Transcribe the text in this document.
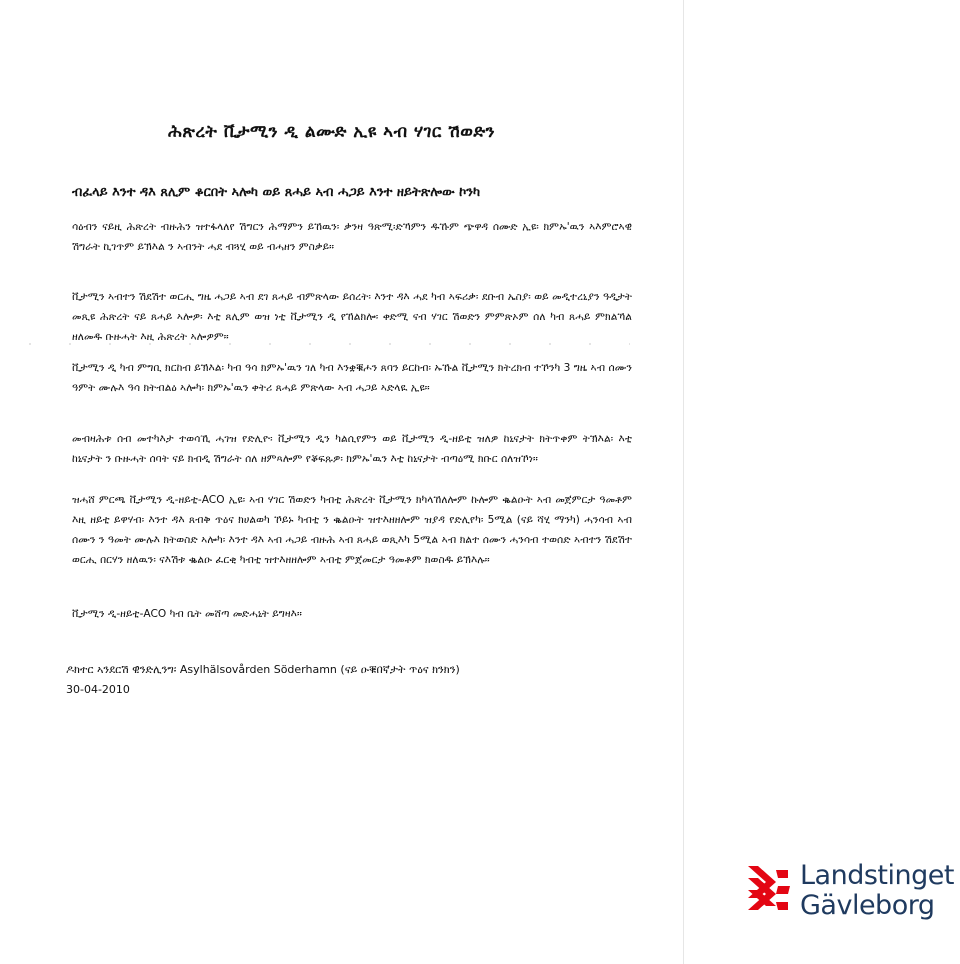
ሕጽረት ቪታሚን ዲ ልሙድ ኢዩ ኣብ ሃገር ሽወድን
ብፈላይ እንተ ዳእ ጸሊም ቆርበት ኣሎካ ወይ ጸሓይ ኣብ ሓጋይ እንተ ዘይትጽሎው ኮንካ
ሳዕብን ናይዚ ሕጽረት ብዙሕን ዝተፋላለየ ሽግርን ሕማምን ይኸዉን፡ ቃንዛ ዓጽሚ፡ድኻምን ዱኹም ጭዋዳ ሰሙድ ኢዩ፡ ክምኡ'ዉን ኣእምሮኣዊ ሽግራት ኪገጥም ይኽእል ን ኣብንት ሓደ ብጓሂ ወይ ብሓዘን ምስቃይ።
ቪታሚን ኣብተን ሽደሽተ ወርሒ ግዜ ሓጋይ ኣብ ደገ ጸሓይ ብምጽላው ይሰረት፡ እንተ ዳእ ሓደ ካብ ኣፍሪቃ፡ ደቡብ ኤስያ፡ ወይ መዲተረኒያን ዓዲታት መጺዩ ሕጽረት ናይ ጸሓይ ኣሎዎ፡ እቲ ጸሊም ወዝ ነቲ ቪታሚን ዲ የኸልክሎ፡ ቀድሚ ናብ ሃገር ሽወድን ምምጽኦም ሰለ ካብ ጸሓይ ምክልኻል ዘለመዱ ቡዙሓት እዚ ሕጽረት ኣሎዎም።
ቪታሚን ዲ ካብ ምግቢ ክርከብ ይኽእል፡ ካብ ዓሳ ክምኡ'ዉን ገለ ካብ እንቋቑሖን ጸባን ይርከብ፡ ኡኹል ቪታሚን ክትረክብ ተኾንካ 3 ግዜ ኣብ ሰሙን ዓምት ሙሉእ ዓሳ ክትብልዕ ኣሎካ፡ ክምኡ'ዉን ቀትሪ ጸሓይ ምጽላው ኣብ ሓጋይ ኣድላዪ ኢዩ።
መብዛሕቱ ሰብ መተካእታ ተወሳኺ ሓገዝ የድሊዮ፡ ቪታሚን ዲን ካልሲየምን ወይ ቪታሚን ዲ-ዘይቲ ዝለዎ ከኒናታት ክትጥቀም ትኽእል፡ እቲ ከኒናታት ን ቡዙሓት ሰባት ናይ ክብዲ ሽግራት ሰለ ዘምጻሎም የቖፍጹዎ፡ ክምኡ'ዉን እቲ ከኒናታት ብጣዕሚ ክቡር ሰለዝኾነ።
ዝሓሸ ምርጫ ቪታሚን ዲ-ዘይቲ-ACO ኢዩ፡ ኣብ ሃገር ሽወድን ካብቲ ሕጽረት ቪታሚን ክካላኸለሎም ኩሎም ቈልዑት ኣብ መጀምርታ ዓመቶም እዚ ዘይቲ ይዋሃብ፡ እንተ ዳእ ጸብቅ ጥዕና ክሀልወካ ኾይኑ ካብቲ ን ቈልዑት ዝተእዘዘሎም ዝያዳ የድሊየካ፡ 5ሚል (ናይ ሻሂ ማንካ) ሓንሳብ ኣብ ሰሙን ን ዓመት ሙሉእ ክትወስድ ኣሎካ፡ እንተ ዳእ ኣብ ሓጋይ ብዙሕ ኣብ ጸሓይ ወጺእካ 5ሚል ኣብ ክልተ ሰሙን ሓንሳብ ተወሰድ ኣብተን ሽደሽተ ወርሒ በርሃን ዘለዉን፡ ናእሽቱ ቈልዑ ፈርቂ ካብቲ ዝተእዘዘሎም ኣብቲ ምጀመርታ ዓመቶም ክወስዱ ይኽእሉ።
ቪታሚን ዲ-ዘይቲ-ACO ካብ ቤት መሸጣ መድሓኒት ይግዛእ።
ዶክተር ኣንደርሽ ዊንድሊንግ፡ Asylhälsovården Söderhamn (ናይ ዑቑበኛታት ጥዕና ክንክን)
30-04-2010
Landstinget
Gävleborg
